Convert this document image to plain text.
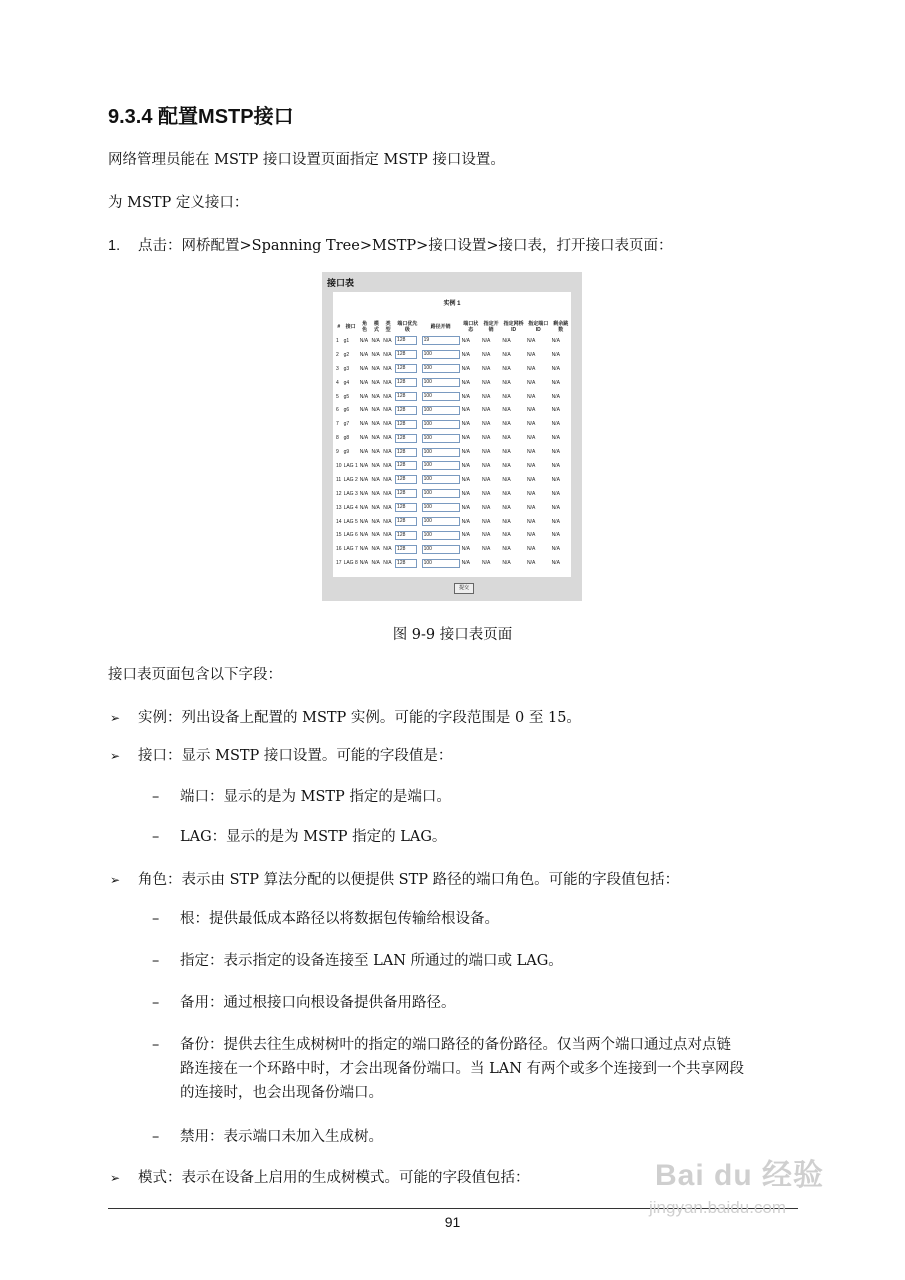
9.3.4 配置MSTP接口
网络管理员能在 MSTP 接口设置页面指定 MSTP 接口设置。
为 MSTP 定义接口：
1. 点击：网桥配置>Spanning Tree>MSTP>接口设置>接口表，打开接口表页面：
接口表
实例 1
#	接口	角色	模式	类型	端口优先级	路径开销	端口状态	指定开销	指定网桥ID	指定端口ID	剩余跳数
1	g1	N/A	N/A	N/A	128	19	N/A	N/A	N/A	N/A	N/A
2	g2	N/A	N/A	N/A	128	100	N/A	N/A	N/A	N/A	N/A
3	g3	N/A	N/A	N/A	128	100	N/A	N/A	N/A	N/A	N/A
4	g4	N/A	N/A	N/A	128	100	N/A	N/A	N/A	N/A	N/A
5	g5	N/A	N/A	N/A	128	100	N/A	N/A	N/A	N/A	N/A
6	g6	N/A	N/A	N/A	128	100	N/A	N/A	N/A	N/A	N/A
7	g7	N/A	N/A	N/A	128	100	N/A	N/A	N/A	N/A	N/A
8	g8	N/A	N/A	N/A	128	100	N/A	N/A	N/A	N/A	N/A
9	g9	N/A	N/A	N/A	128	100	N/A	N/A	N/A	N/A	N/A
10	LAG 1	N/A	N/A	N/A	128	100	N/A	N/A	N/A	N/A	N/A
11	LAG 2	N/A	N/A	N/A	128	100	N/A	N/A	N/A	N/A	N/A
12	LAG 3	N/A	N/A	N/A	128	100	N/A	N/A	N/A	N/A	N/A
13	LAG 4	N/A	N/A	N/A	128	100	N/A	N/A	N/A	N/A	N/A
14	LAG 5	N/A	N/A	N/A	128	100	N/A	N/A	N/A	N/A	N/A
15	LAG 6	N/A	N/A	N/A	128	100	N/A	N/A	N/A	N/A	N/A
16	LAG 7	N/A	N/A	N/A	128	100	N/A	N/A	N/A	N/A	N/A
17	LAG 8	N/A	N/A	N/A	128	100	N/A	N/A	N/A	N/A	N/A
提交
图 9-9 接口表页面
接口表页面包含以下字段：
➢ 实例：列出设备上配置的 MSTP 实例。可能的字段范围是 0 至 15。
➢ 接口：显示 MSTP 接口设置。可能的字段值是：
– 端口：显示的是为 MSTP 指定的是端口。
– LAG：显示的是为 MSTP 指定的 LAG。
➢ 角色：表示由 STP 算法分配的以便提供 STP 路径的端口角色。可能的字段值包括：
– 根：提供最低成本路径以将数据包传输给根设备。
– 指定：表示指定的设备连接至 LAN 所通过的端口或 LAG。
– 备用：通过根接口向根设备提供备用路径。
– 备份：提供去往生成树树叶的指定的端口路径的备份路径。仅当两个端口通过点对点链
路连接在一个环路中时，才会出现备份端口。当 LAN 有两个或多个连接到一个共享网段
的连接时，也会出现备份端口。
– 禁用：表示端口未加入生成树。
➢ 模式：表示在设备上启用的生成树模式。可能的字段值包括：
91
Bai du 经验
jingyan.baidu.com
